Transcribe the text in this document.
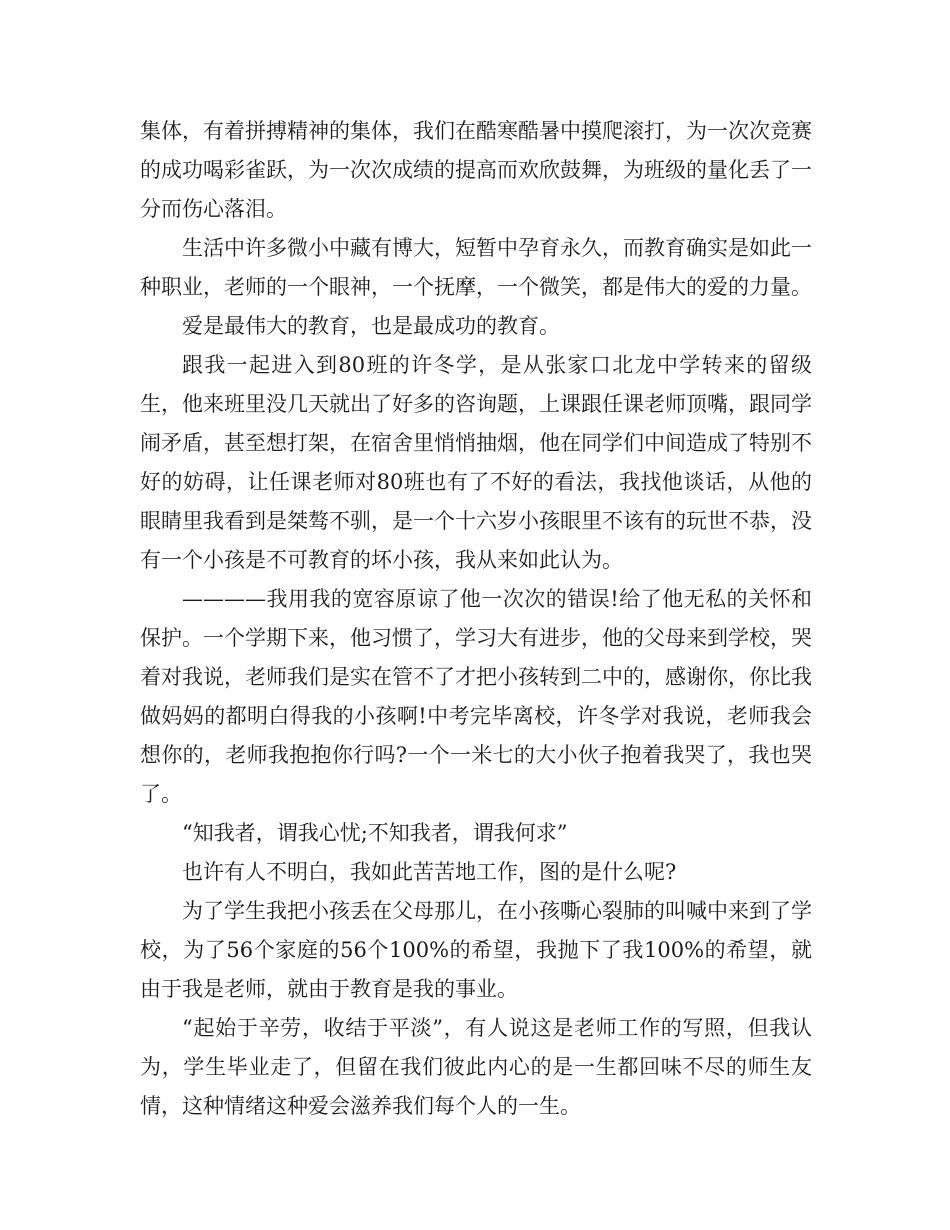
集体，有着拼搏精神的集体，我们在酷寒酷暑中摸爬滚打，为一次次竞赛的成功喝彩雀跃，为一次次成绩的提高而欢欣鼓舞，为班级的量化丢了一分而伤心落泪。

生活中许多微小中藏有博大，短暂中孕育永久，而教育确实是如此一种职业，老师的一个眼神，一个抚摩，一个微笑，都是伟大的爱的力量。

爱是最伟大的教育，也是最成功的教育。

跟我一起进入到80班的许冬学，是从张家口北龙中学转来的留级生，他来班里没几天就出了好多的咨询题，上课跟任课老师顶嘴，跟同学闹矛盾，甚至想打架，在宿舍里悄悄抽烟，他在同学们中间造成了特别不好的妨碍，让任课老师对80班也有了不好的看法，我找他谈话，从他的眼睛里我看到是桀骜不驯，是一个十六岁小孩眼里不该有的玩世不恭，没有一个小孩是不可教育的坏小孩，我从来如此认为。

————我用我的宽容原谅了他一次次的错误!给了他无私的关怀和保护。一个学期下来，他习惯了，学习大有进步，他的父母来到学校，哭着对我说，老师我们是实在管不了才把小孩转到二中的，感谢你，你比我做妈妈的都明白得我的小孩啊!中考完毕离校，许冬学对我说，老师我会想你的，老师我抱抱你行吗?一个一米七的大小伙子抱着我哭了，我也哭了。

“知我者，谓我心忧;不知我者，谓我何求”

也许有人不明白，我如此苦苦地工作，图的是什么呢?

为了学生我把小孩丢在父母那儿，在小孩嘶心裂肺的叫喊中来到了学校，为了56个家庭的56个100%的希望，我抛下了我100%的希望，就由于我是老师，就由于教育是我的事业。

“起始于辛劳，收结于平淡”，有人说这是老师工作的写照，但我认为，学生毕业走了，但留在我们彼此内心的是一生都回味不尽的师生友情，这种情绪这种爱会滋养我们每个人的一生。
